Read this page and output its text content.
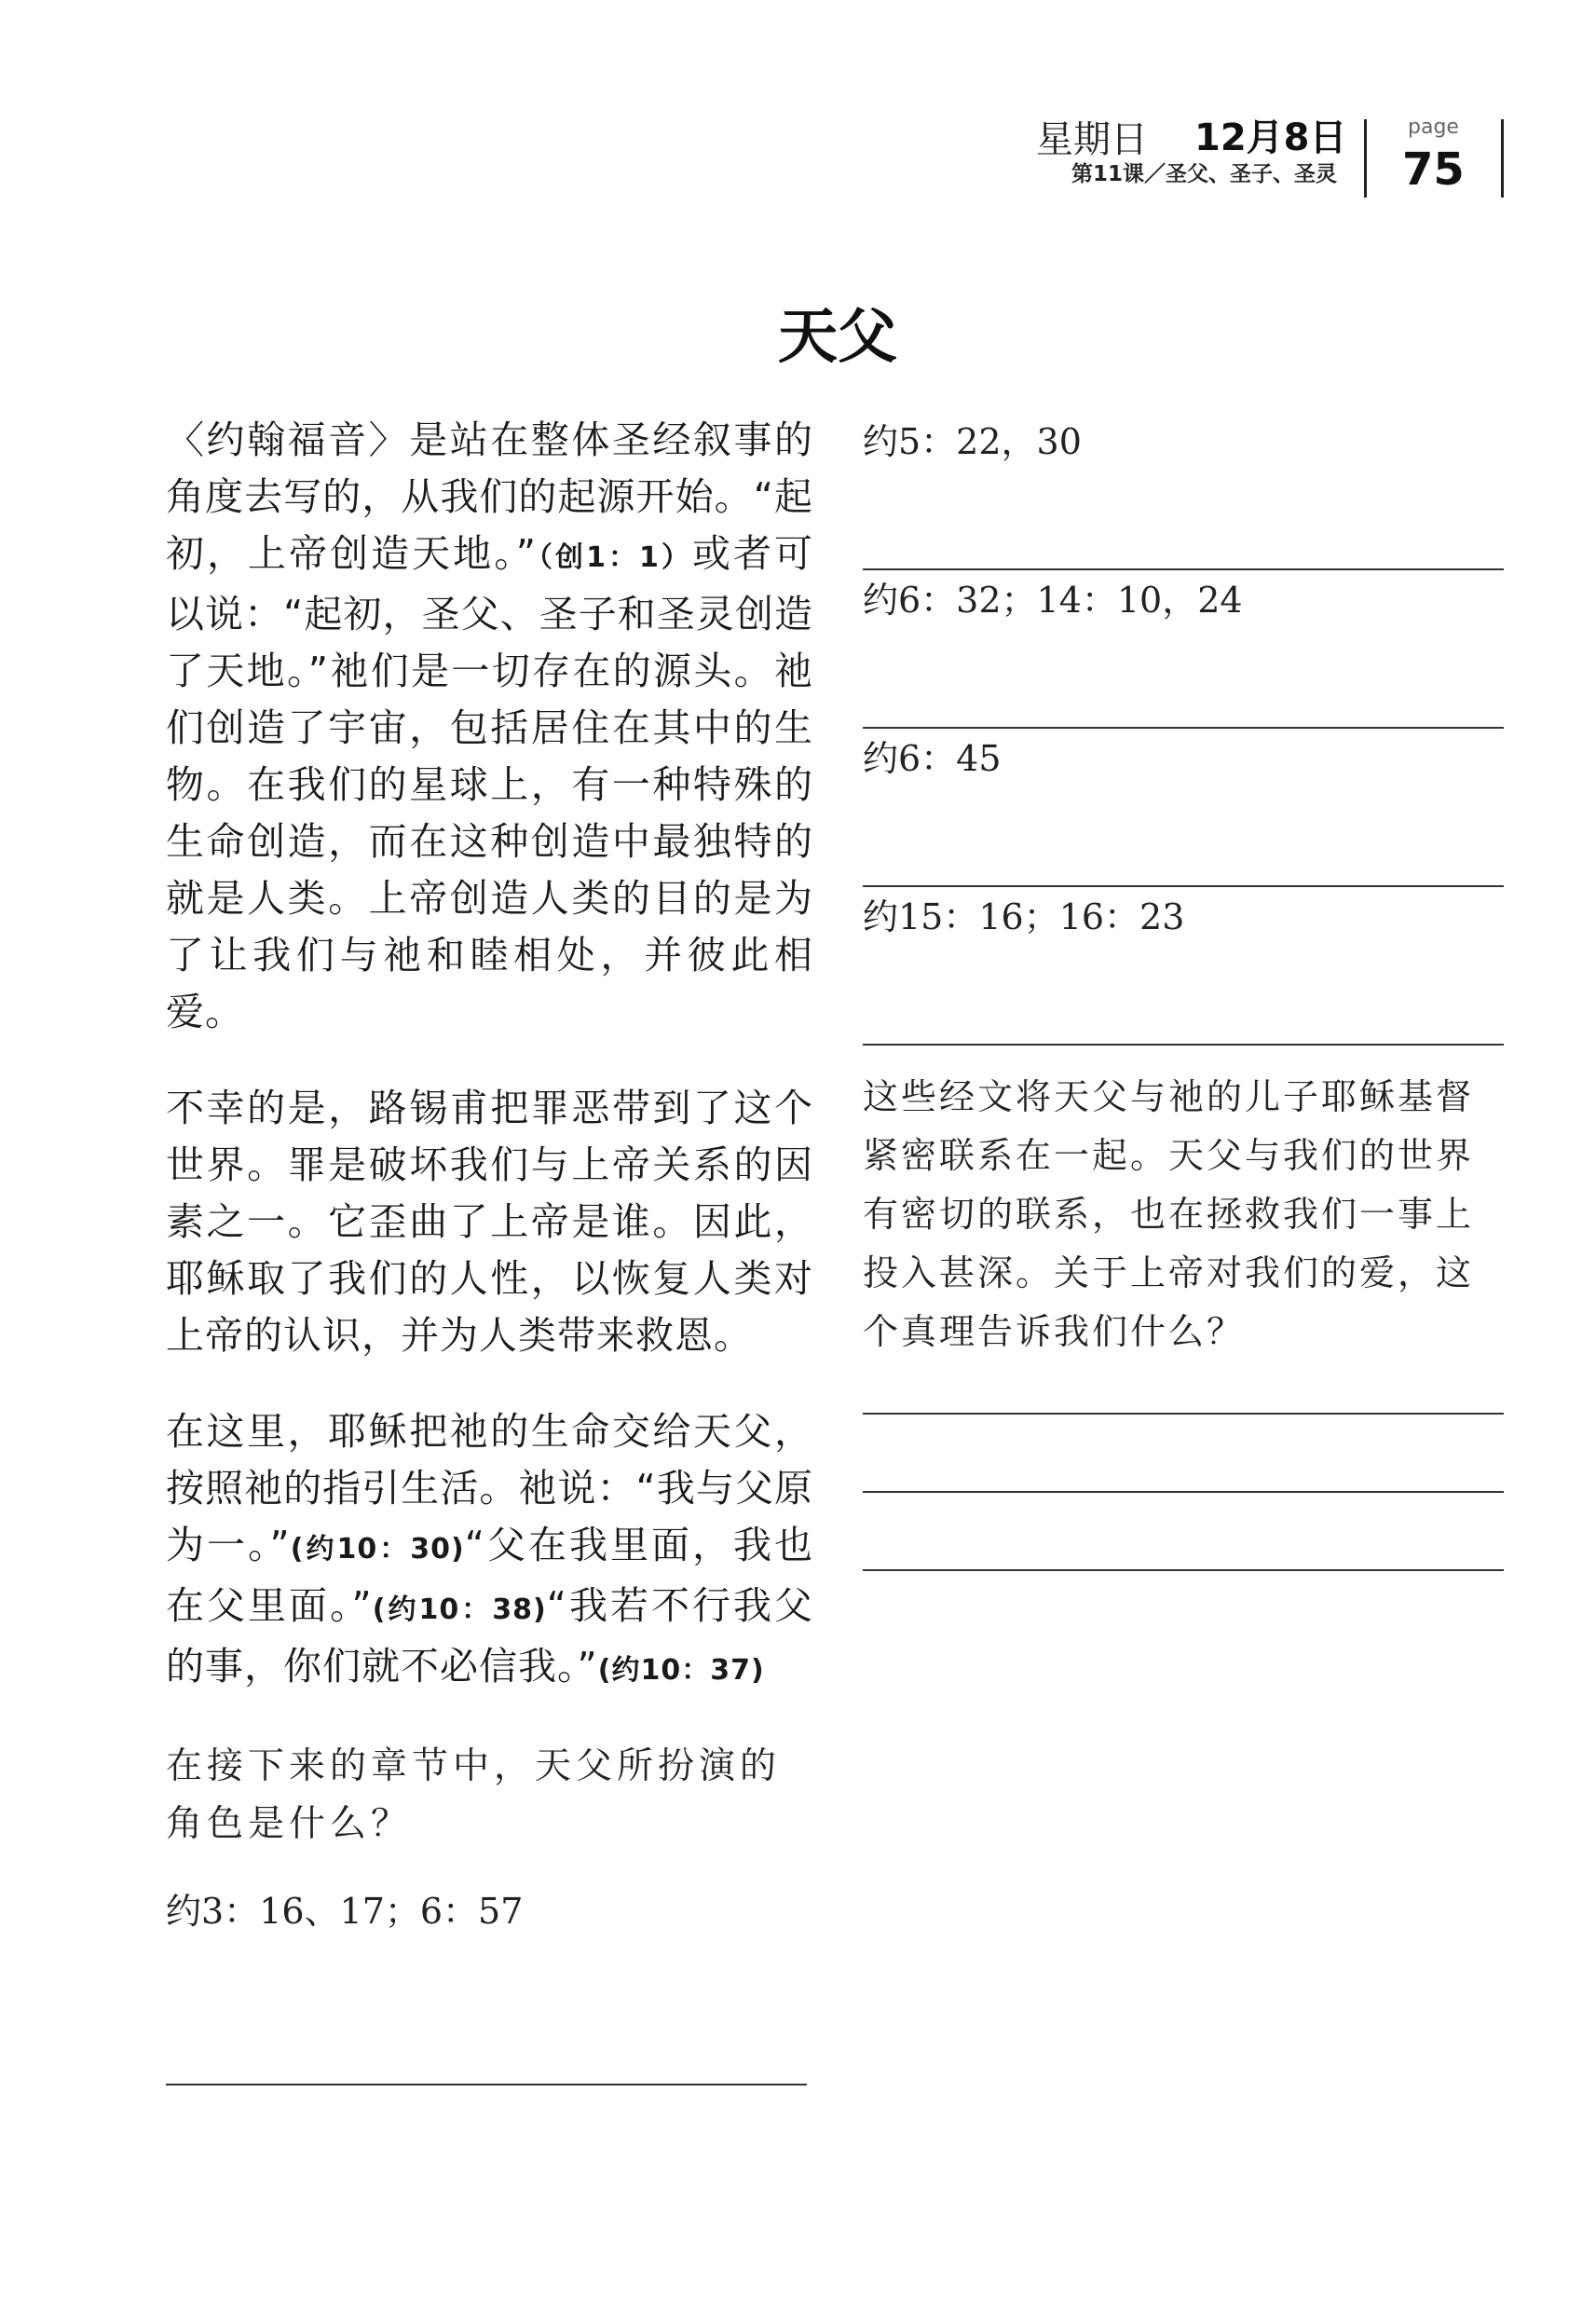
星期日 12月8日
第11课／圣父、圣子、圣灵
page
75
天父

〈约翰福音〉是站在整体圣经叙事的角度去写的，从我们的起源开始。“起初，上帝创造天地。”（创1：1）或者可以说：“起初，圣父、圣子和圣灵创造了天地。”祂们是一切存在的源头。祂们创造了宇宙，包括居住在其中的生物。在我们的星球上，有一种特殊的生命创造，而在这种创造中最独特的就是人类。上帝创造人类的目的是为了让我们与祂和睦相处，并彼此相爱。

不幸的是，路锡甫把罪恶带到了这个世界。罪是破坏我们与上帝关系的因素之一。它歪曲了上帝是谁。因此，耶稣取了我们的人性，以恢复人类对上帝的认识，并为人类带来救恩。

在这里，耶稣把祂的生命交给天父，按照祂的指引生活。祂说：“我与父原为一。”(约10：30)“父在我里面，我也在父里面。”(约10：38)“我若不行我父的事，你们就不必信我。”(约10：37)

在接下来的章节中，天父所扮演的角色是什么？

约3：16、17；6：57

约5：22，30

约6：32；14：10，24

约6：45

约15：16；16：23

这些经文将天父与祂的儿子耶稣基督紧密联系在一起。天父与我们的世界有密切的联系，也在拯救我们一事上投入甚深。关于上帝对我们的爱，这个真理告诉我们什么？
